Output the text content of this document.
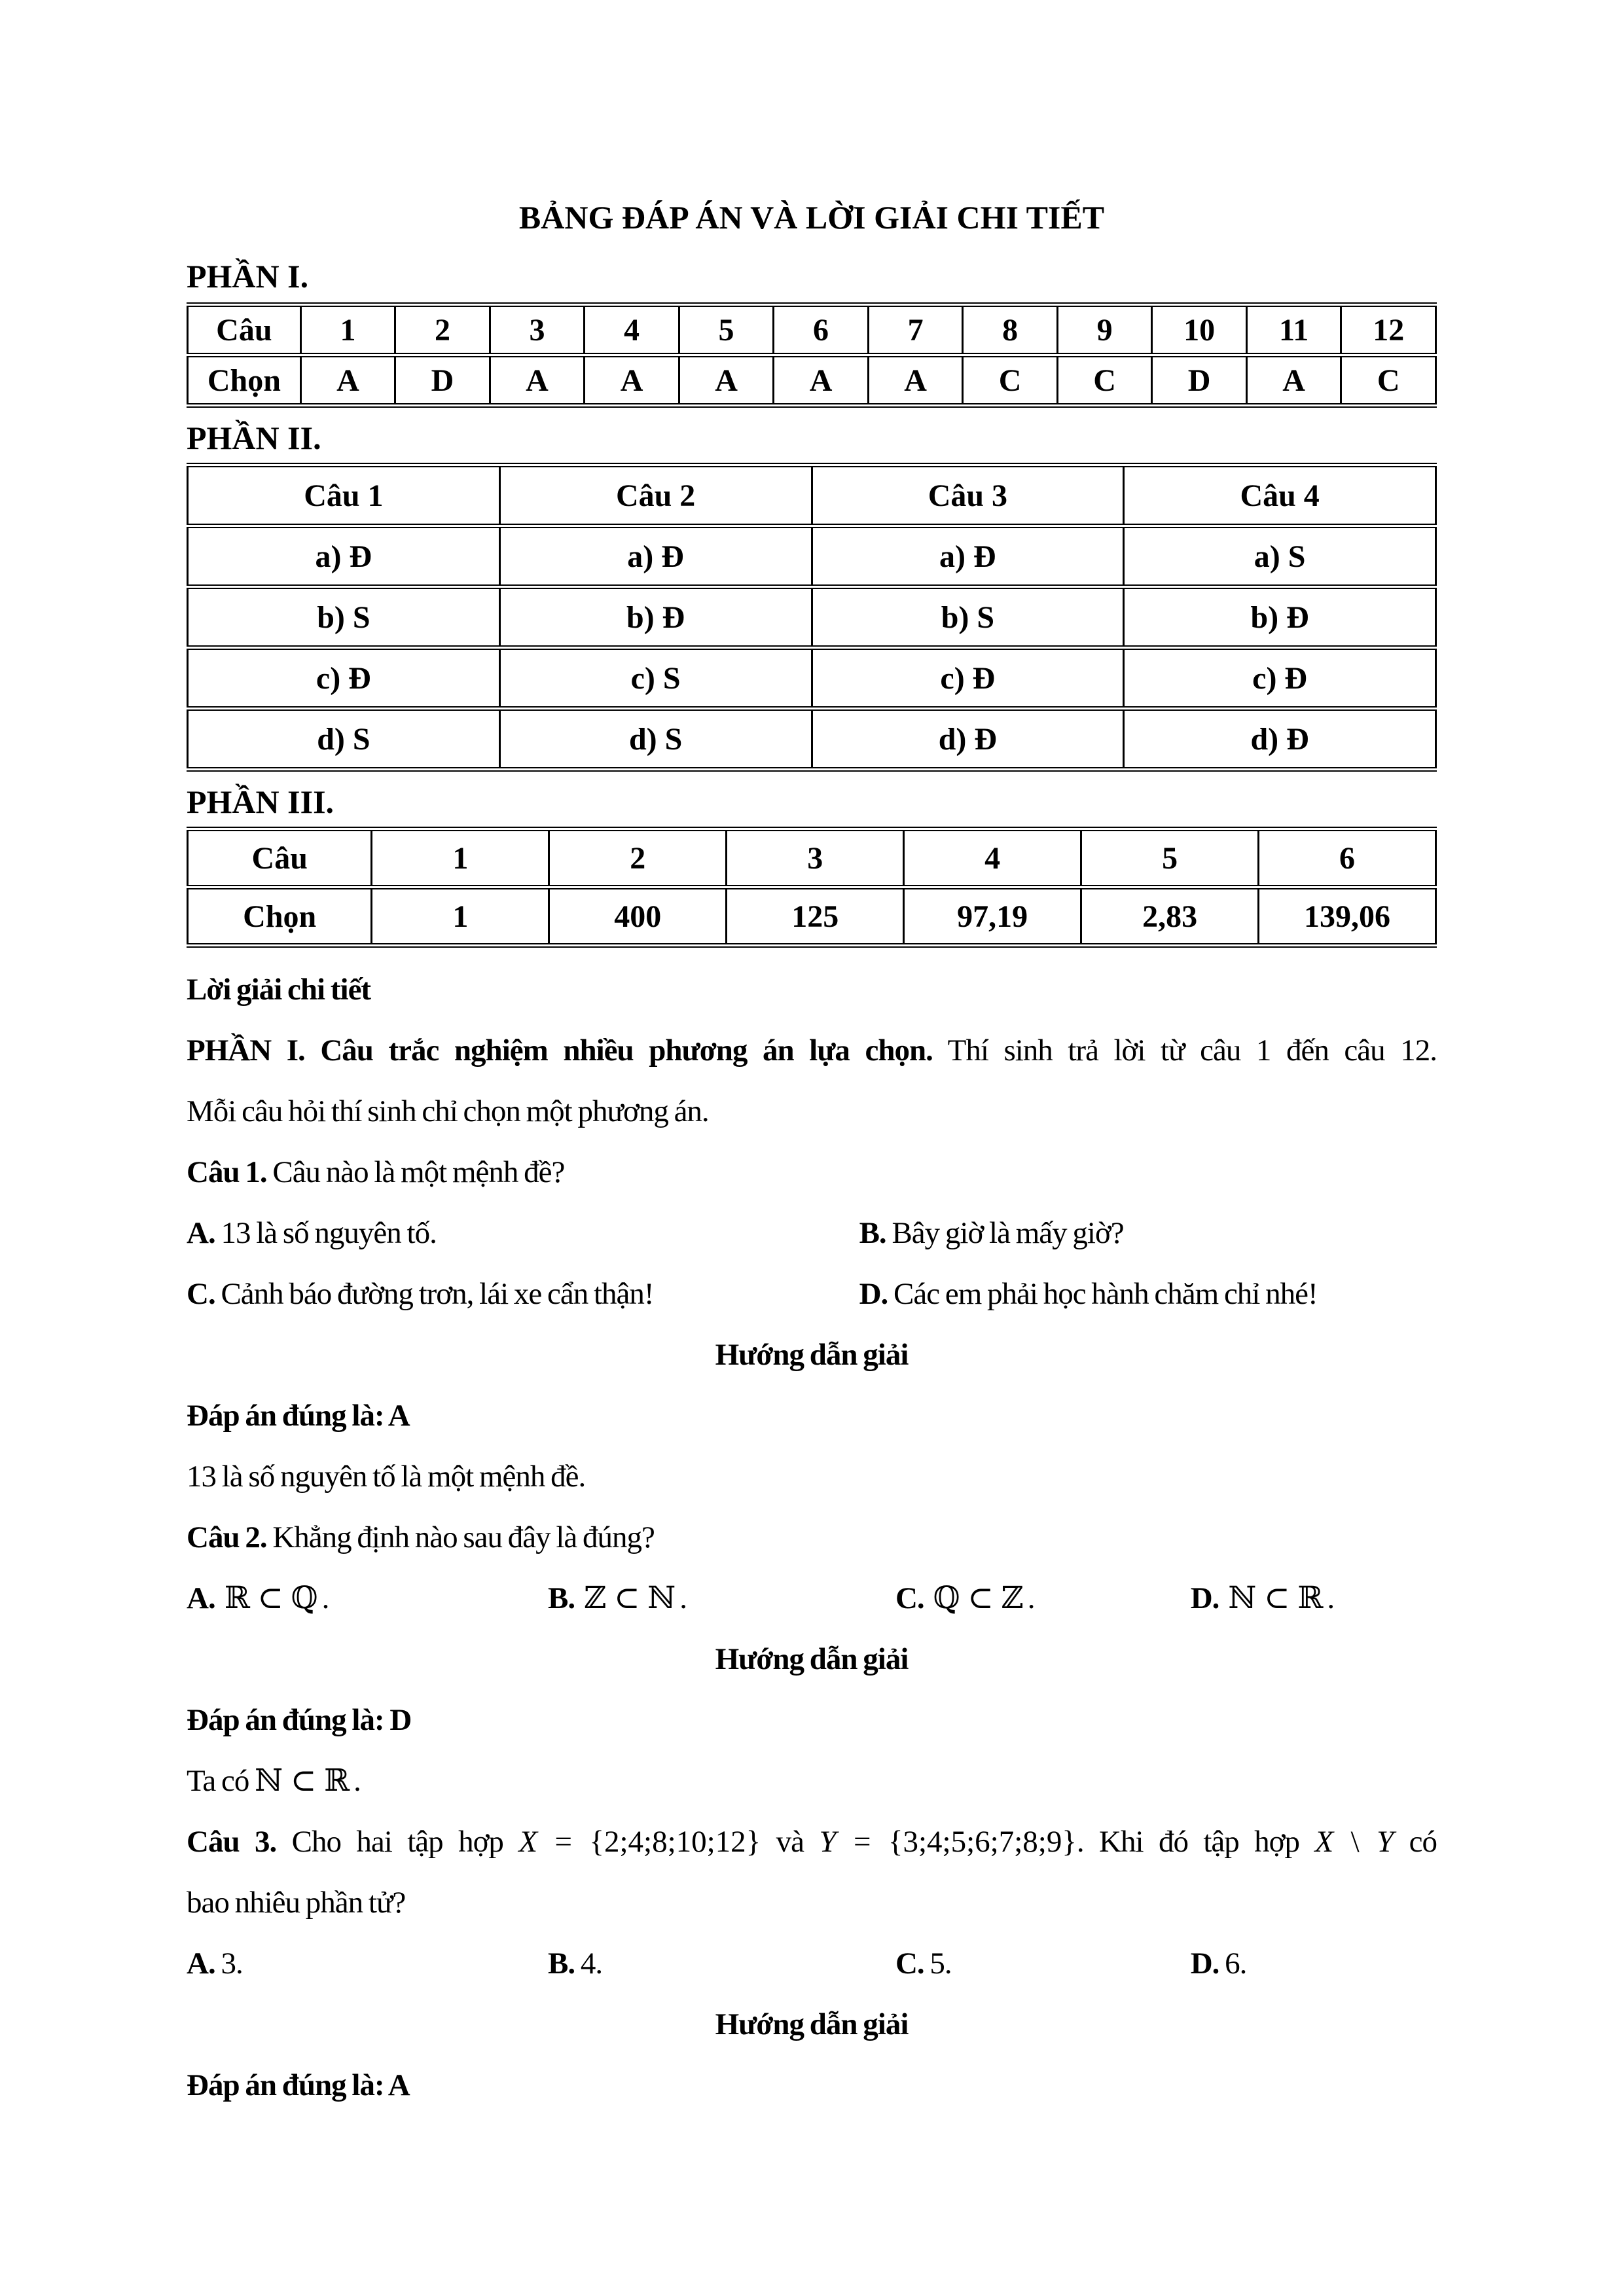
BẢNG ĐÁP ÁN VÀ LỜI GIẢI CHI TIẾT
PHẦN I.
Câu	1	2	3	4	5	6	7	8	9	10	11	12
Chọn	A	D	A	A	A	A	A	C	C	D	A	C
PHẦN II.
Câu 1	Câu 2	Câu 3	Câu 4
a) Đ	a) Đ	a) Đ	a) S
b) S	b) Đ	b) S	b) Đ
c) Đ	c) S	c) Đ	c) Đ
d) S	d) S	d) Đ	d) Đ
PHẦN III.
Câu	1	2	3	4	5	6
Chọn	1	400	125	97,19	2,83	139,06

Lời giải chi tiết

PHẦN I. Câu trắc nghiệm nhiều phương án lựa chọn. Thí sinh trả lời từ câu 1 đến câu 12.

Mỗi câu hỏi thí sinh chỉ chọn một phương án.

Câu 1. Câu nào là một mệnh đề?

A. 13 là số nguyên tố.	B. Bây giờ là mấy giờ?
C. Cảnh báo đường trơn, lái xe cẩn thận!	D. Các em phải học hành chăm chỉ nhé!

Hướng dẫn giải

Đáp án đúng là: A

13 là số nguyên tố là một mệnh đề.

Câu 2. Khẳng định nào sau đây là đúng?

A. ℝ ⊂ ℚ .	B. ℤ ⊂ ℕ .	C. ℚ ⊂ ℤ .	D. ℕ ⊂ ℝ .

Hướng dẫn giải

Đáp án đúng là: D

Ta có ℕ ⊂ ℝ .

Câu 3. Cho hai tập hợp X = {2;4;8;10;12} và Y = {3;4;5;6;7;8;9}. Khi đó tập hợp X \ Y có

bao nhiêu phần tử?

A. 3.	B. 4.	C. 5.	D. 6.

Hướng dẫn giải

Đáp án đúng là: A
